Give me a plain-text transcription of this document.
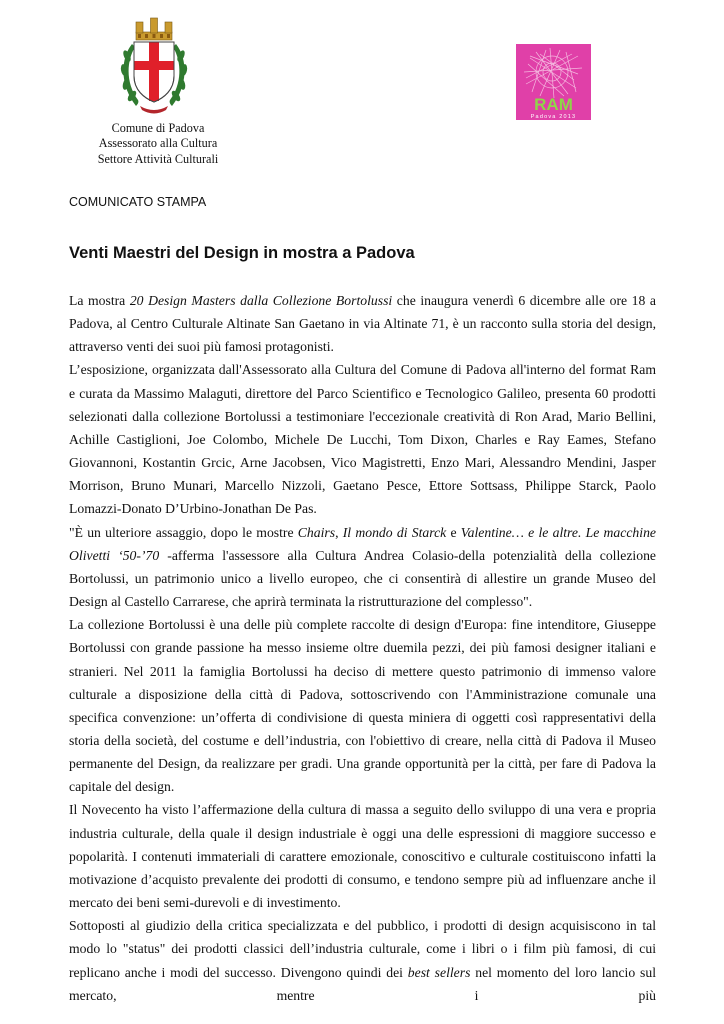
Comune di Padova
Assessorato alla Cultura
Settore Attività Culturali
RAM
Padova 2013
COMUNICATO STAMPA
Venti Maestri del Design in mostra a Padova

La mostra 20 Design Masters dalla Collezione Bortolussi che inaugura venerdì 6 dicembre alle ore 18 a Padova, al Centro Culturale Altinate San Gaetano in via Altinate 71, è un racconto sulla storia del design, attraverso venti dei suoi più famosi protagonisti.

L’esposizione, organizzata dall'Assessorato alla Cultura del Comune di Padova all'interno del format Ram e curata da Massimo Malaguti, direttore del Parco Scientifico e Tecnologico Galileo, presenta 60 prodotti selezionati dalla collezione Bortolussi a testimoniare l'eccezionale creatività di Ron Arad, Mario Bellini, Achille Castiglioni, Joe Colombo, Michele De Lucchi, Tom Dixon, Charles e Ray Eames, Stefano Giovannoni, Kostantin Grcic, Arne Jacobsen, Vico Magistretti, Enzo Mari, Alessandro Mendini, Jasper Morrison, Bruno Munari, Marcello Nizzoli, Gaetano Pesce, Ettore Sottsass, Philippe Starck, Paolo Lomazzi-Donato D’Urbino-Jonathan De Pas.

"È un ulteriore assaggio, dopo le mostre Chairs, Il mondo di Starck e Valentine… e le altre. Le macchine Olivetti ‘50-’70 -afferma l'assessore alla Cultura Andrea Colasio-della potenzialità della collezione Bortolussi, un patrimonio unico a livello europeo, che ci consentirà di allestire un grande Museo del Design al Castello Carrarese, che aprirà terminata la ristrutturazione del complesso".

La collezione Bortolussi è una delle più complete raccolte di design d'Europa: fine intenditore, Giuseppe Bortolussi con grande passione ha messo insieme oltre duemila pezzi, dei più famosi designer italiani e stranieri. Nel 2011 la famiglia Bortolussi ha deciso di mettere questo patrimonio di immenso valore culturale a disposizione della città di Padova, sottoscrivendo con l'Amministrazione comunale una specifica convenzione: un’offerta di condivisione di questa miniera di oggetti così rappresentativi della storia della società, del costume e dell’industria, con l'obiettivo di creare, nella città di Padova il Museo permanente del Design, da realizzare per gradi. Una grande opportunità per la città, per fare di Padova la capitale del design.

Il Novecento ha visto l’affermazione della cultura di massa a seguito dello sviluppo di una vera e propria industria culturale, della quale il design industriale è oggi una delle espressioni di maggiore successo e popolarità. I contenuti immateriali di carattere emozionale, conoscitivo e culturale costituiscono infatti la motivazione d’acquisto prevalente dei prodotti di consumo, e tendono sempre più ad influenzare anche il mercato dei beni semi-durevoli e di investimento.

Sottoposti al giudizio della critica specializzata e del pubblico, i prodotti di design acquisiscono in tal modo lo "status" dei prodotti classici dell’industria culturale, come i libri o i film più famosi, di cui replicano anche i modi del successo. Divengono quindi dei best sellers nel momento del loro lancio sul mercato, mentre i più
